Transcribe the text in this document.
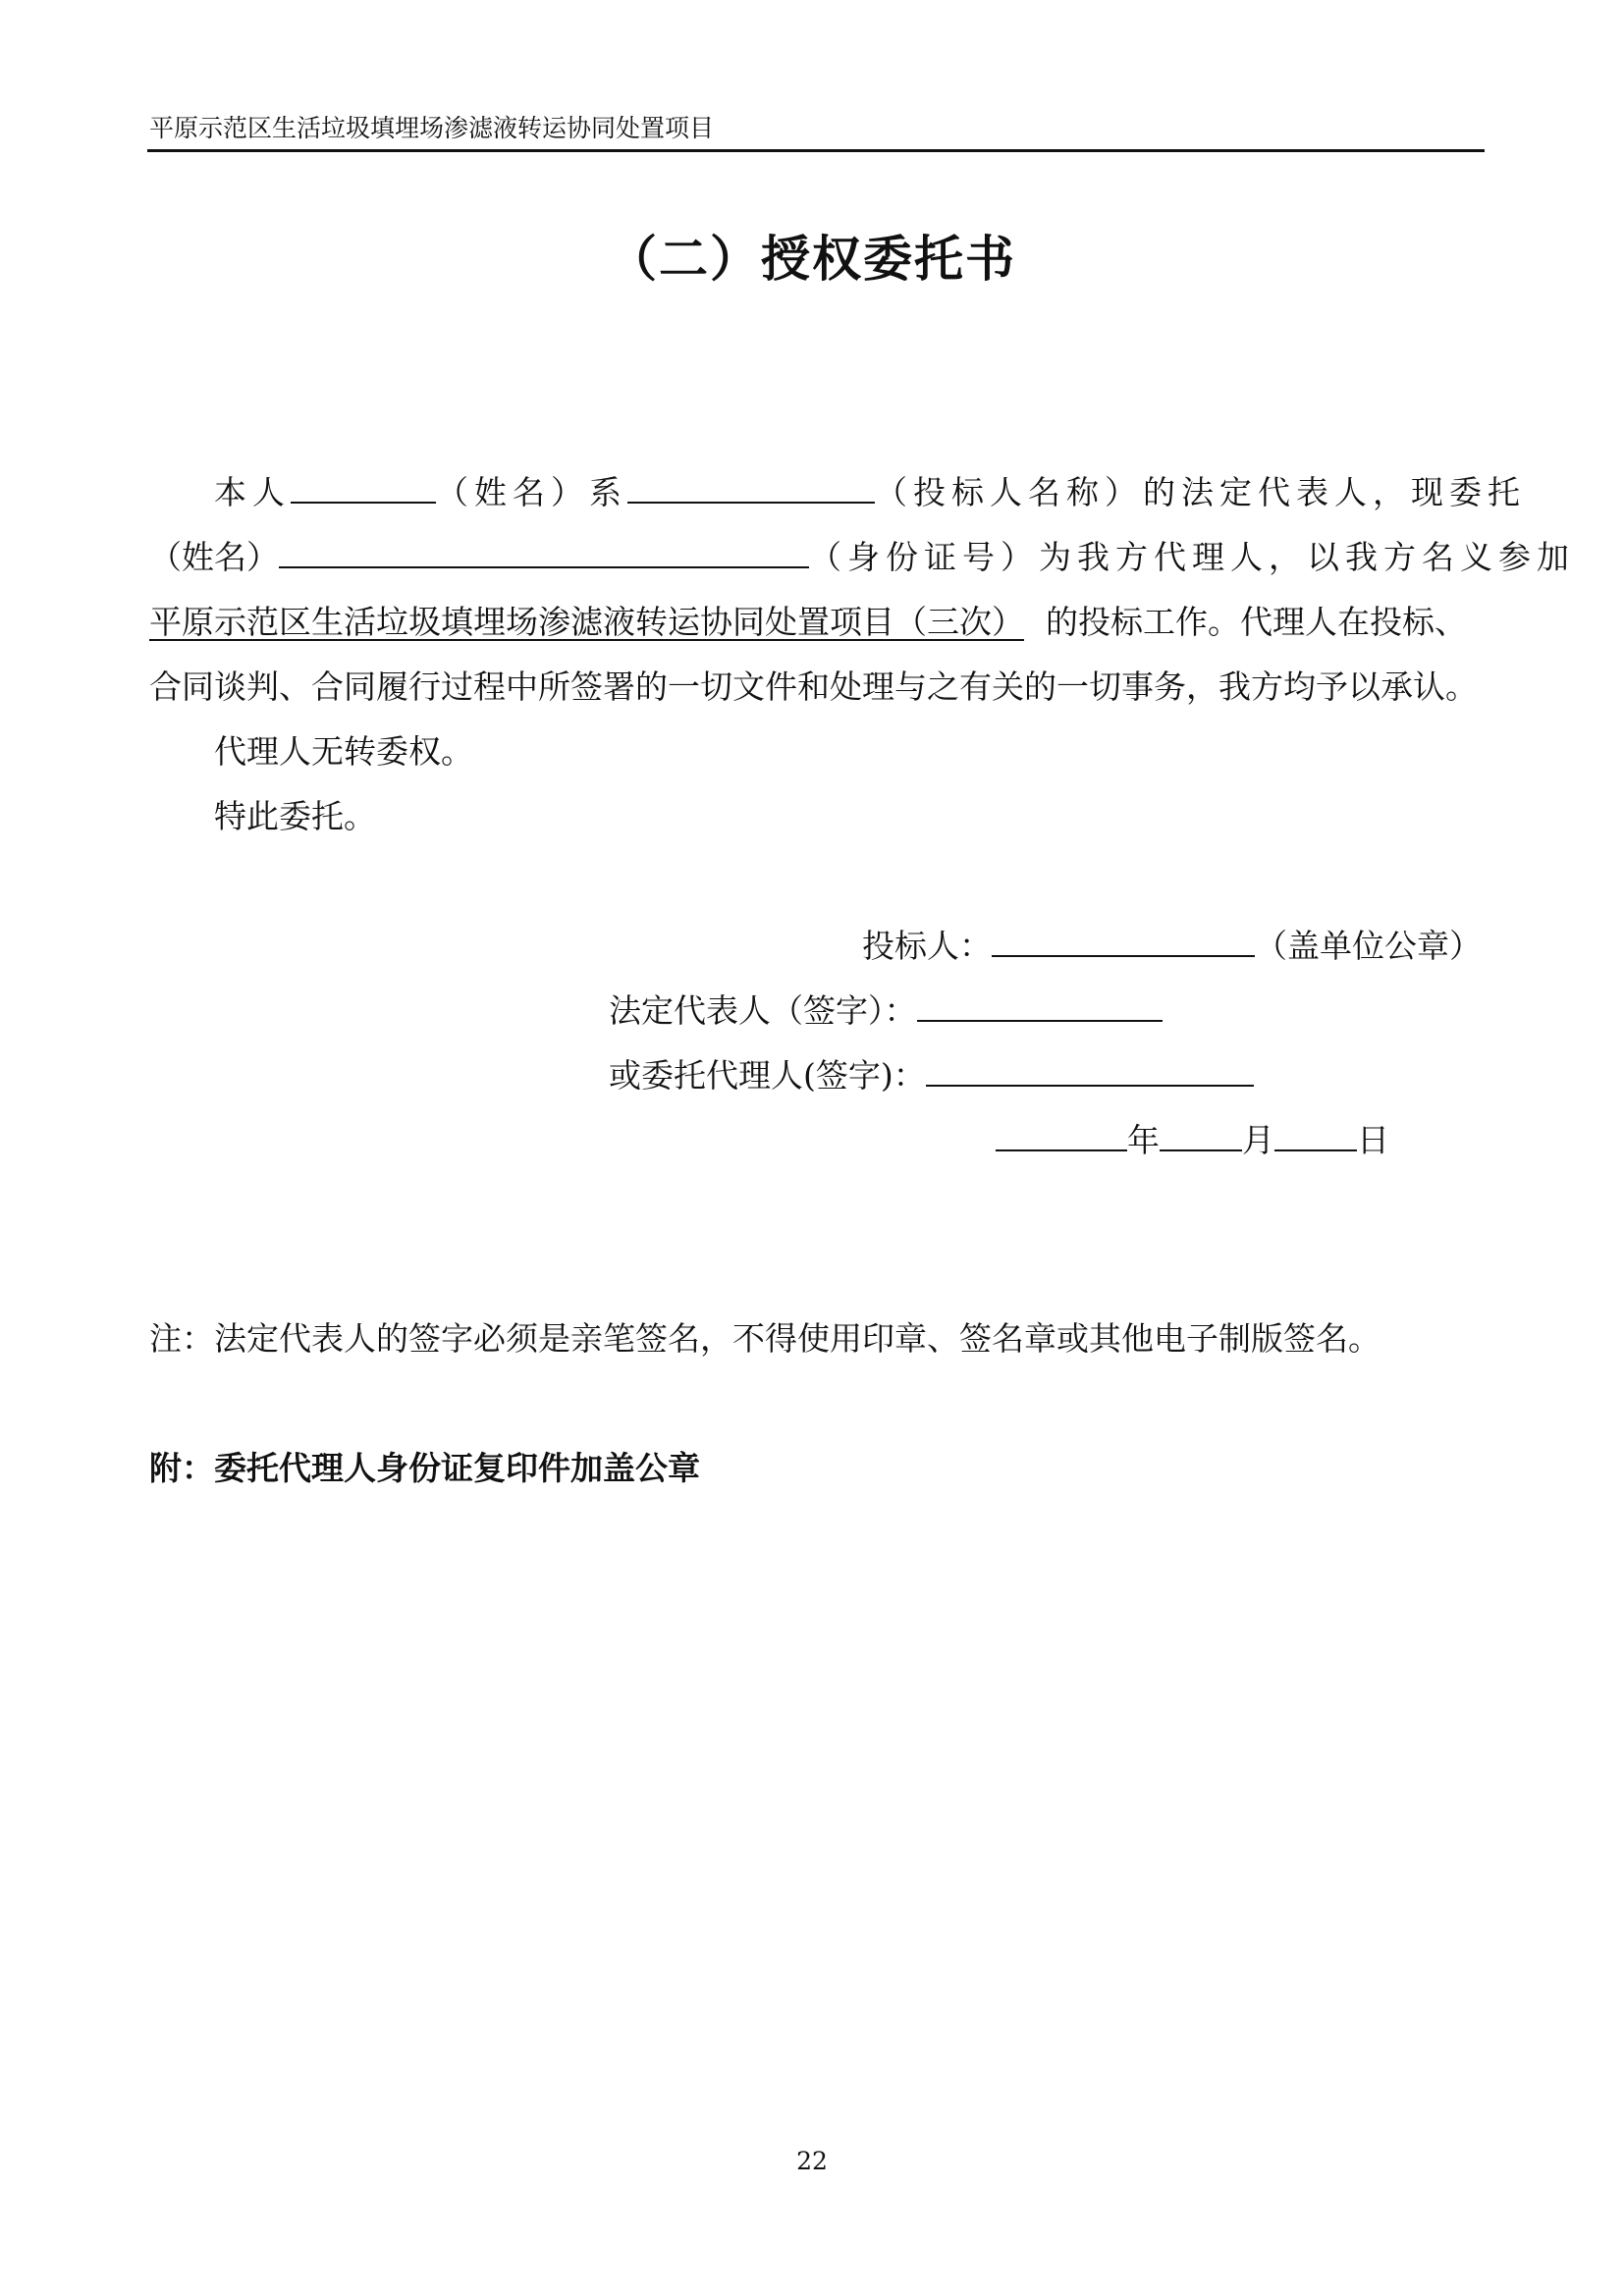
平原示范区生活垃圾填埋场渗滤液转运协同处置项目
（二）授权委托书
本人	（姓名）系	（投标人名称）的法定代表人，现委托
（姓名）	（身份证号）为我方代理人，以我方名义参加
平原示范区生活垃圾填埋场渗滤液转运协同处置项目（三次） 的投标工作。代理人在投标、
合同谈判、合同履行过程中所签署的一切文件和处理与之有关的一切事务，我方均予以承认。
代理人无转委权。
特此委托。
投标人：	（盖单位公章）
法定代表人（签字）：
或委托代理人(签字)：
年	月	日
注：法定代表人的签字必须是亲笔签名，不得使用印章、签名章或其他电子制版签名。
附：委托代理人身份证复印件加盖公章
22
